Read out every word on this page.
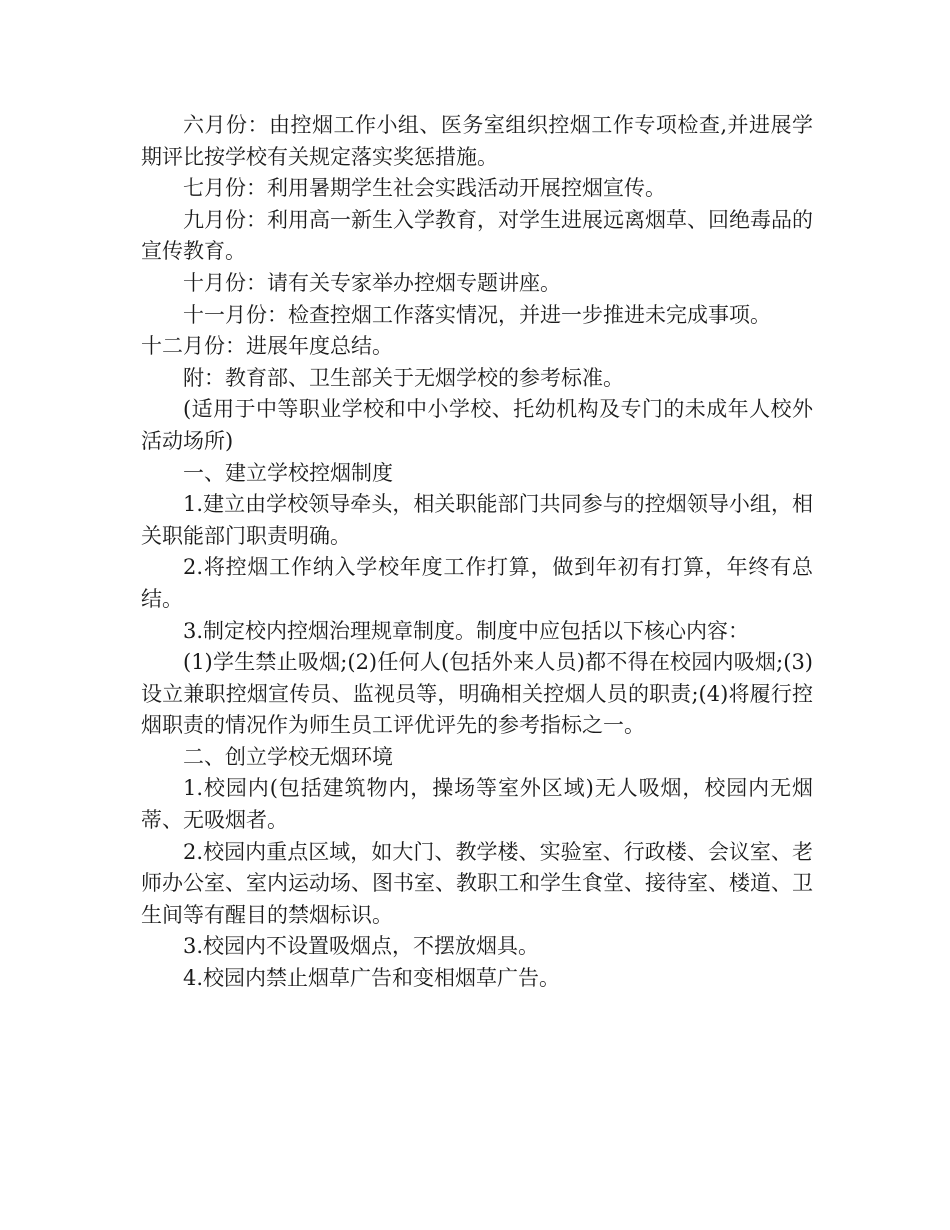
六月份：由控烟工作小组、医务室组织控烟工作专项检查,并进展学期评比按学校有关规定落实奖惩措施。

七月份：利用暑期学生社会实践活动开展控烟宣传。

九月份：利用高一新生入学教育，对学生进展远离烟草、回绝毒品的宣传教育。

十月份：请有关专家举办控烟专题讲座。

十一月份：检查控烟工作落实情况，并进一步推进未完成事项。

十二月份：进展年度总结。

附：教育部、卫生部关于无烟学校的参考标准。

(适用于中等职业学校和中小学校、托幼机构及专门的未成年人校外活动场所)

一、建立学校控烟制度

1.建立由学校领导牵头，相关职能部门共同参与的控烟领导小组，相关职能部门职责明确。

2.将控烟工作纳入学校年度工作打算，做到年初有打算，年终有总结。

3.制定校内控烟治理规章制度。制度中应包括以下核心内容：

(1)学生禁止吸烟;(2)任何人(包括外来人员)都不得在校园内吸烟;(3)设立兼职控烟宣传员、监视员等，明确相关控烟人员的职责;(4)将履行控烟职责的情况作为师生员工评优评先的参考指标之一。

二、创立学校无烟环境

1.校园内(包括建筑物内，操场等室外区域)无人吸烟，校园内无烟蒂、无吸烟者。

2.校园内重点区域，如大门、教学楼、实验室、行政楼、会议室、老师办公室、室内运动场、图书室、教职工和学生食堂、接待室、楼道、卫生间等有醒目的禁烟标识。

3.校园内不设置吸烟点，不摆放烟具。

4.校园内禁止烟草广告和变相烟草广告。
